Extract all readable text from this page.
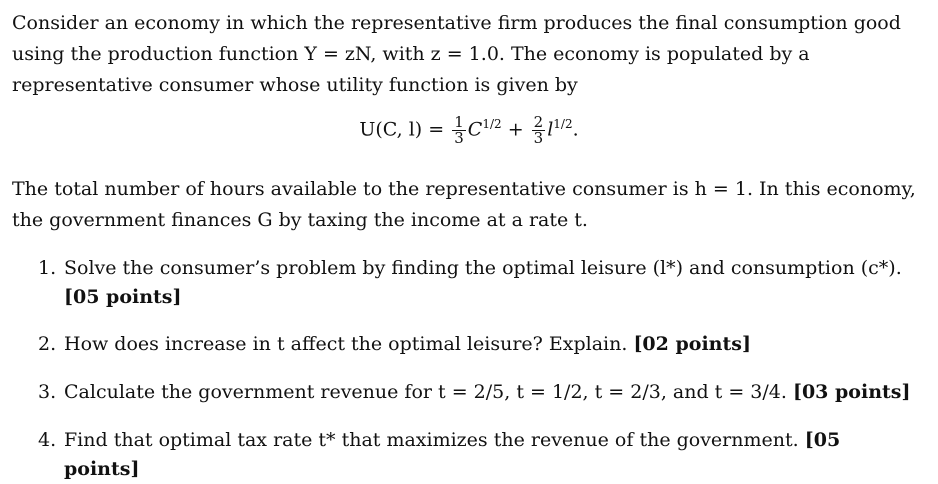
Consider an economy in which the representative firm produces the final consumption good using the production function Y = zN, with z = 1.0. The economy is populated by a representative consumer whose utility function is given by

U(C, $l) = \frac{1}{3} C^{1/2} + \frac{2}{3} l^{1/2}$.

The total number of hours available to the representative consumer is h = 1. In this economy, the government finances G by taxing the income at a rate t.

1. Solve the consumer’s problem by finding the optimal leisure (l*) and consumption (c*). [05 points]
2. How does increase in t affect the optimal leisure? Explain. [02 points]
3. Calculate the government revenue for t = 2/5, t = 1/2, t = 2/3, and t = 3/4. [03 points]
4. Find that optimal tax rate t* that maximizes the revenue of the government. [05 points]
